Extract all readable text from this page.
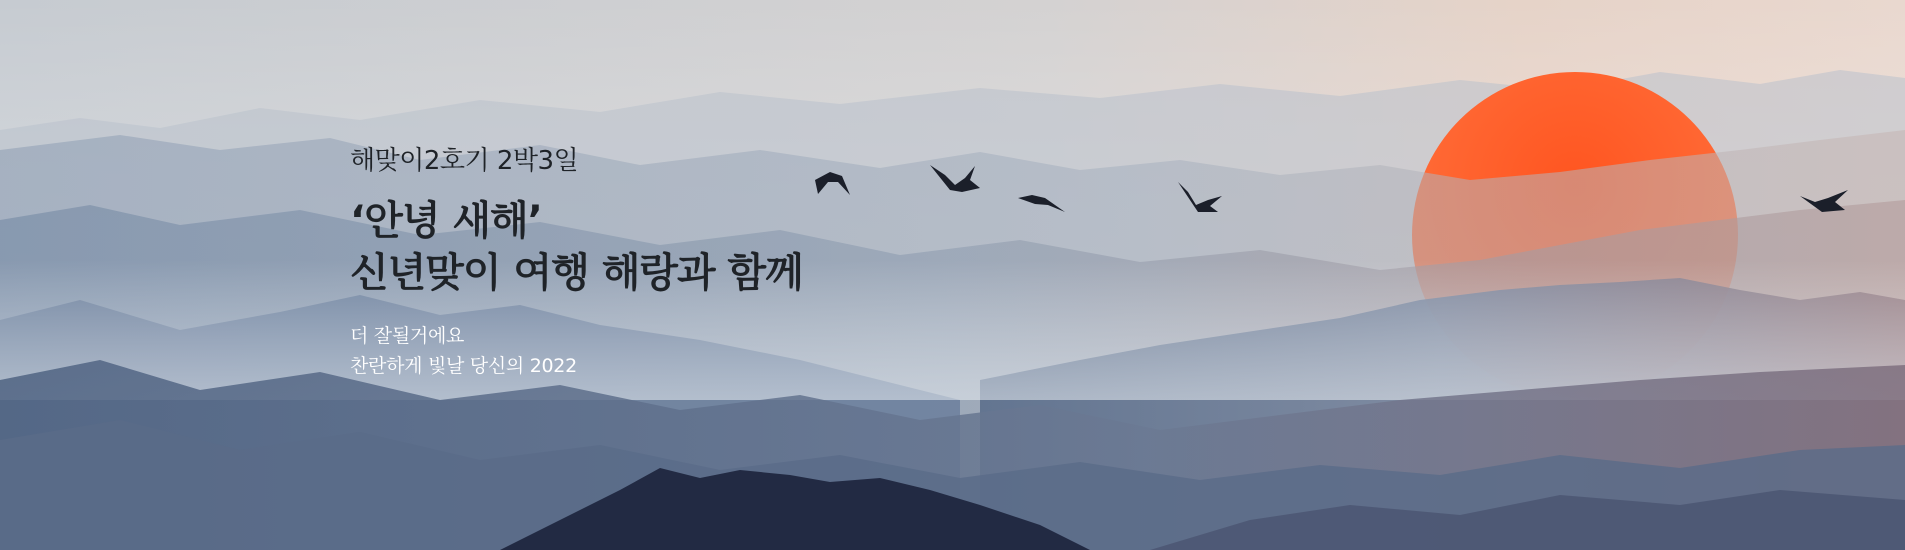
해맞이2호기 2박3일

‘안녕 새해’
신년맞이 여행 해랑과 함께
더 잘될거에요
찬란하게 빛날 당신의 2022
